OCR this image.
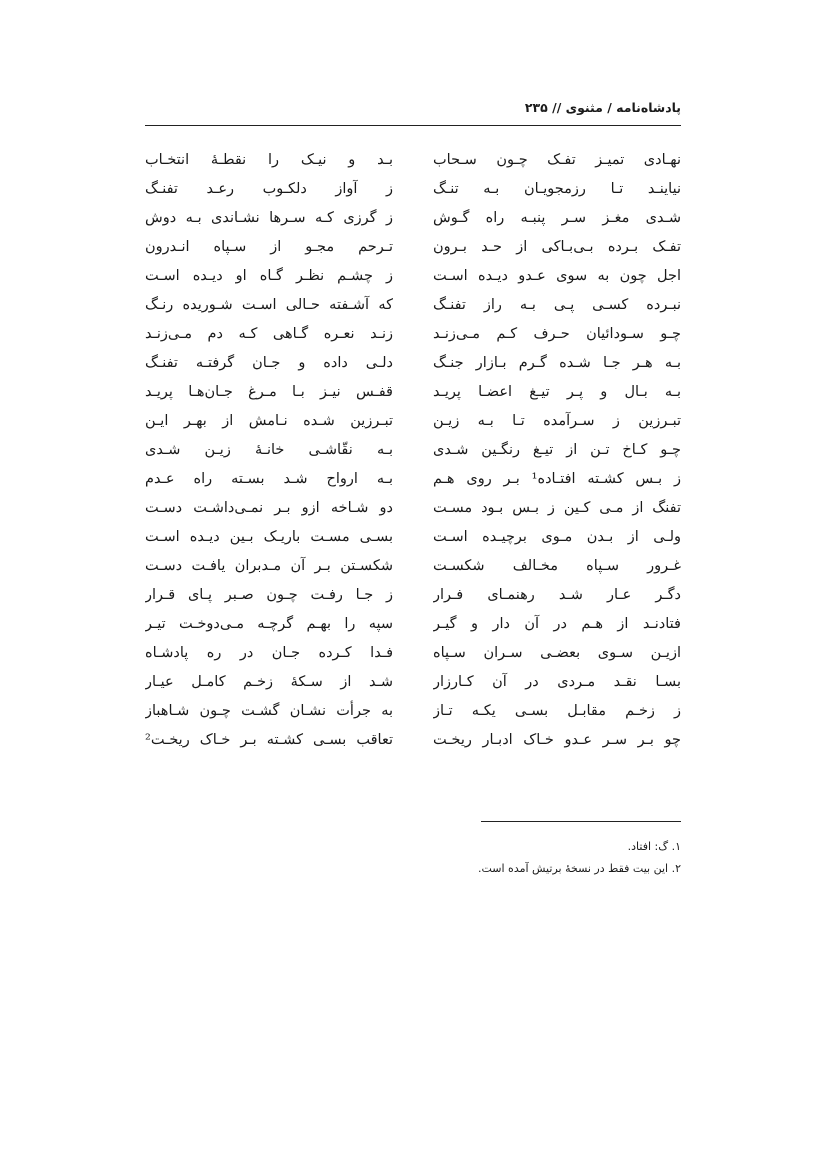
پادشاه‌نامه / مثنوی // ۲۳۵
نهـادی تمیـز تفـک چـون سـحاب
نیاینـد تـا رزمجویـان بـه تنـگ
شـدی مغـز سـر پنبـه راه گـوش
تفـک بـرده بـی‌بـاکی از حـد بـرون
اجل چون به سوی عـدو دیـده اسـت
نبـرده کسـی پـی بـه راز تفنـگ
چـو سـودائیان حـرف کـم مـی‌زنـد
بـه هـر جـا شـده گـرم بـازار جنـگ
بـه بـال و پـر تیـغ اعضـا پریـد
تبـرزین ز سـرآمده تـا بـه زیـن
چـو کـاخ تـن از تیـغ رنگـین شـدی
ز بـس کشـته افتـاده¹ بـر روی هـم
تفنگ از مـی کـین ز بـس بـود مسـت
ولـی از بـدن مـوی برچیـده اسـت
غـرور سـپاه مخـالف شکسـت
دگـر عـار شـد رهنمـای فـرار
فتادنـد از هـم در آن دار و گیـر
ازیـن سـوی بعضـی سـران سـپاه
بسـا نقـد مـردی در آن کـارزار
ز زخـم مقابـل بسـی یکـه تـاز
چو بـر سـر عـدو خـاک ادبـار ریخـت
بـد و نیـک را نقطـهٔ انتخـاب
ز آواز دلکـوب رعـد تفنـگ
ز گرزی کـه سـرها نشـاندی بـه دوش
تـرحم مجـو از سـپاه انـدرون
ز چشـم نظـر گـاه او دیـده اسـت
که آشـفته حـالی اسـت شـوریده رنـگ
زنـد نعـره گـاهی کـه دم مـی‌زنـد
دلـی داده و جـان گرفتـه تفنـگ
قفـس نیـز بـا مـرغ جـان‌هـا پریـد
تبـرزین شـده نـامش از بهـر ایـن
بـه نقّاشـی خانـهٔ زیـن شـدی
بـه ارواح شـد بسـته راه عـدم
دو شـاخه ازو بـر نمـی‌داشـت دسـت
بسـی مسـت باریـک بـین دیـده اسـت
شکسـتن بـر آن مـدبران یافـت دسـت
ز جـا رفـت چـون صـبر پـای قـرار
سپه را بهـم گرچـه مـی‌دوخـت تیـر
فـدا کـرده جـان در ره پادشـاه
شـد از سـکهٔ زخـم کامـل عیـار
به جرأت نشـان گشـت چـون شـاهباز
تعاقب بسـی کشـته بـر خـاک ریخـت²
۱. گ: افتاد.
۲. این بیت فقط در نسخهٔ برتیش آمده است.
